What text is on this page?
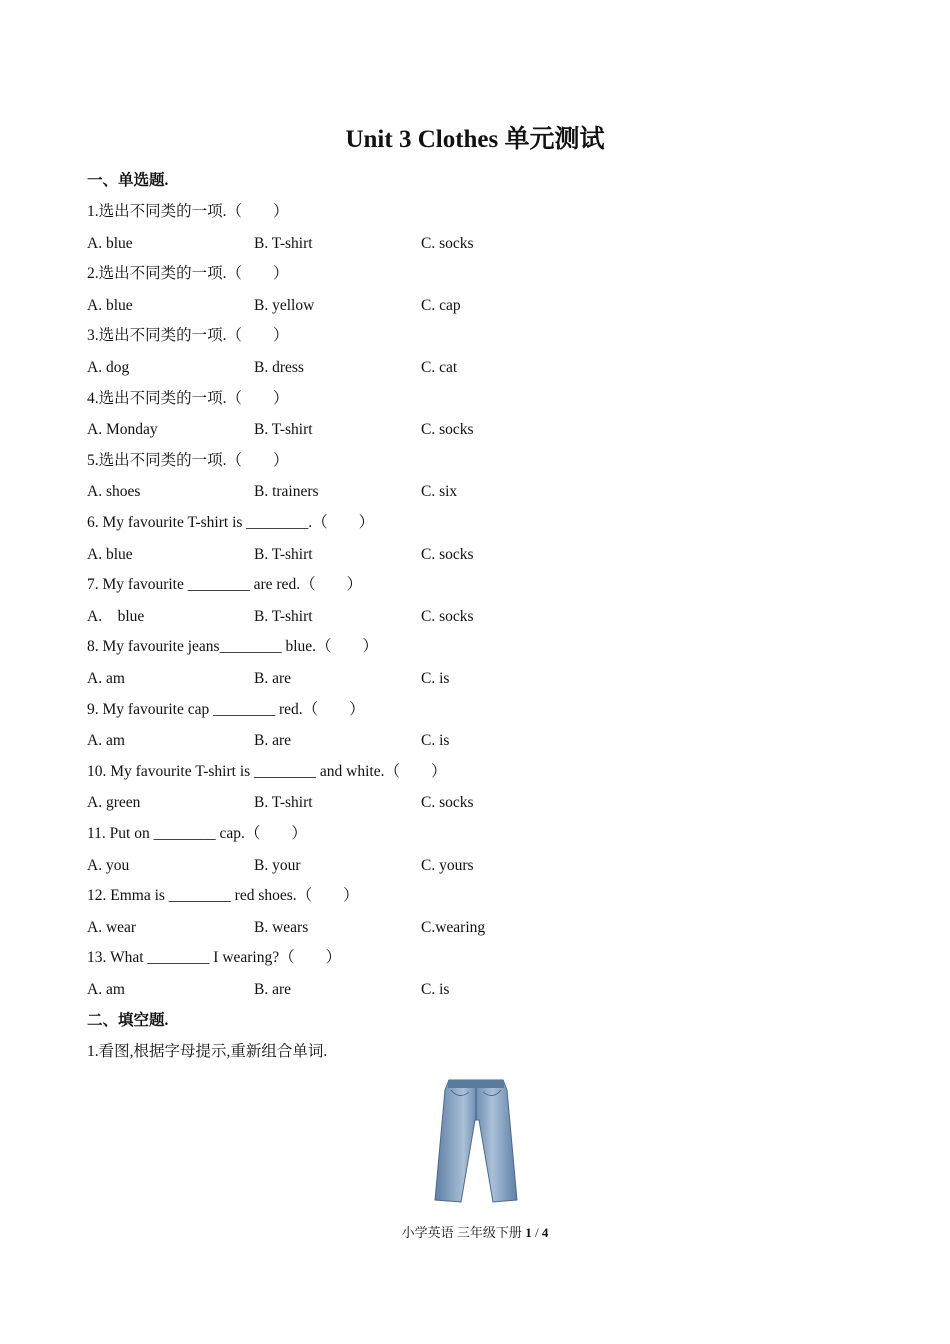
Unit 3 Clothes 单元测试
一、单选题.
1.选出不同类的一项.（　　）
A. blue	B. T-shirt	C. socks
2.选出不同类的一项.（　　）
A. blue	B. yellow	C. cap
3.选出不同类的一项.（　　）
A. dog	B. dress	C. cat
4.选出不同类的一项.（　　）
A. Monday	B. T-shirt	C. socks
5.选出不同类的一项.（　　）
A. shoes	B. trainers	C. six
6. My favourite T-shirt is ________.（　　）
A. blue	B. T-shirt	C. socks
7. My favourite ________ are red.（　　）
A.    blue	B. T-shirt	C. socks
8. My favourite jeans________ blue.（　　）
A. am	B. are	C. is
9. My favourite cap ________ red.（　　）
A. am	B. are	C. is
10. My favourite T-shirt is ________ and white.（　　）
A. green	B. T-shirt	C. socks
11. Put on ________ cap.（　　）
A. you	B. your	C. yours
12. Emma is ________ red shoes.（　　）
A. wear	B. wears	C.wearing
13. What ________ I wearing?（　　）
A. am	B. are	C. is
二、填空题.
1.看图,根据字母提示,重新组合单词.
小学英语 三年级下册 1 / 4
